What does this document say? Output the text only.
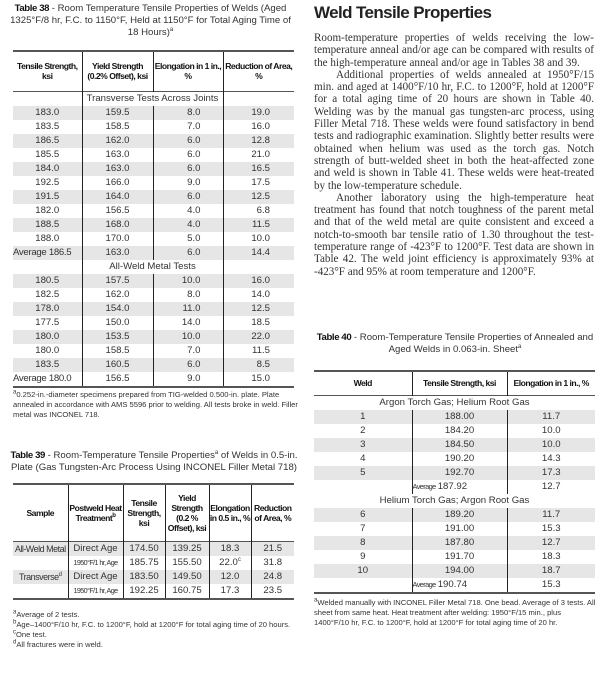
Table 38 - Room Temperature Tensile Properties of Welds (Aged 1325°F/8 hr, F.C. to 1150°F, Held at 1150°F for Total Aging Time of 18 Hours)$^a$
Tensile Strength, ksi	Yield Strength (0.2% Offset), ksi	Elongation in 1 in., %	Reduction of Area, %
	Transverse Tests Across Joints		
183.0	159.5	8.0	19.0
183.5	158.5	7.0	16.0
186.5	162.0	6.0	12.8
185.5	163.0	6.0	21.0
184.0	163.0	6.0	16.5
192.5	166.0	9.0	17.5
191.5	164.0	6.0	12.5
182.0	156.5	4.0	6.8
188.5	168.0	4.0	11.5
188.0	170.0	5.0	10.0
Average 186.5	163.0	6.0	14.4
	All-Weld Metal Tests		
180.5	157.5	10.0	16.0
182.5	162.0	8.0	14.0
178.0	154.0	11.0	12.5
177.5	150.0	14.0	18.5
180.0	153.5	10.0	22.0
180.0	158.5	7.0	11.5
183.5	160.5	6.0	8.5
Average 180.0	156.5	9.0	15.0
$^a$0.252-in.-diameter specimens prepared from TIG-welded 0.500-in. plate. Plate annealed in accordance with AMS 5596 prior to welding. All tests broke in weld. Filler metal was INCONEL 718.
Table 39 - Room-Temperature Tensile Properties$^a$ of Welds in 0.5-in. Plate (Gas Tungsten-Arc Process Using INCONEL Filler Metal 718)
Sample	Postweld Heat Treatment$^b$	Tensile Strength, ksi	Yield Strength (0.2 % Offset), ksi	Elongation in 0.5 in., %	Reduction of Area, %
All-Weld Metal	Direct Age	174.50	139.25	18.3	21.5
	1950°F/1 hr, Age	185.75	155.50	22.0$^c$	31.8
Transverse$^d$	Direct Age	183.50	149.50	12.0	24.8
	1950°F/1 hr, Age	192.25	160.75	17.3	23.5
$^a$Average of 2 tests.
$^b$Age–1400°F/10 hr, F.C. to 1200°F, hold at 1200°F for total aging time of 20 hours.
$^c$One test.
$^d$All fractures were in weld.
Weld Tensile Properties

Room-temperature properties of welds receiving the low-temperature anneal and/or age can be compared with results of the high-temperature anneal and/or age in Tables 38 and 39.

Additional properties of welds annealed at 1950°F/15 min. and aged at 1400°F/10 hr, F.C. to 1200°F, hold at 1200°F for a total aging time of 20 hours are shown in Table 40. Welding was by the manual gas tungsten-arc process, using Filler Metal 718. These welds were found satisfactory in bend tests and radiographic examination. Slightly better results were obtained when helium was used as the torch gas. Notch strength of butt-welded sheet in both the heat-affected zone and weld is shown in Table 41. These welds were heat-treated by the low-temperature schedule.

Another laboratory using the high-temperature heat treatment has found that notch toughness of the parent metal and that of the weld metal are quite consistent and exceed a notch-to-smooth bar tensile ratio of 1.30 throughout the test-temperature range of -423°F to 1200°F. Test data are shown in Table 42. The weld joint efficiency is approximately 93% at -423°F and 95% at room temperature and 1200°F.

Table 40 - Room-Temperature Tensile Properties of Annealed and Aged Welds in 0.063-in. Sheet$^a$
Weld	Tensile Strength, ksi	Elongation in 1 in., %
Argon Torch Gas; Helium Root Gas		
1	188.00	11.7
2	184.20	10.0
3	184.50	10.0
4	190.20	14.3
5	192.70	17.3
	Average 187.92	12.7
Helium Torch Gas; Argon Root Gas		
6	189.20	11.7
7	191.00	15.3
8	187.80	12.7
9	191.70	18.3
10	194.00	18.7
	Average 190.74	15.3
$^a$Welded manually with INCONEL Filler Metal 718. One bead. Average of 3 tests. All sheet from same heat. Heat treatment after welding: 1950°F/15 min., plus 1400°F/10 hr, F.C. to 1200°F, hold at 1200°F for total aging time of 20 hr.
